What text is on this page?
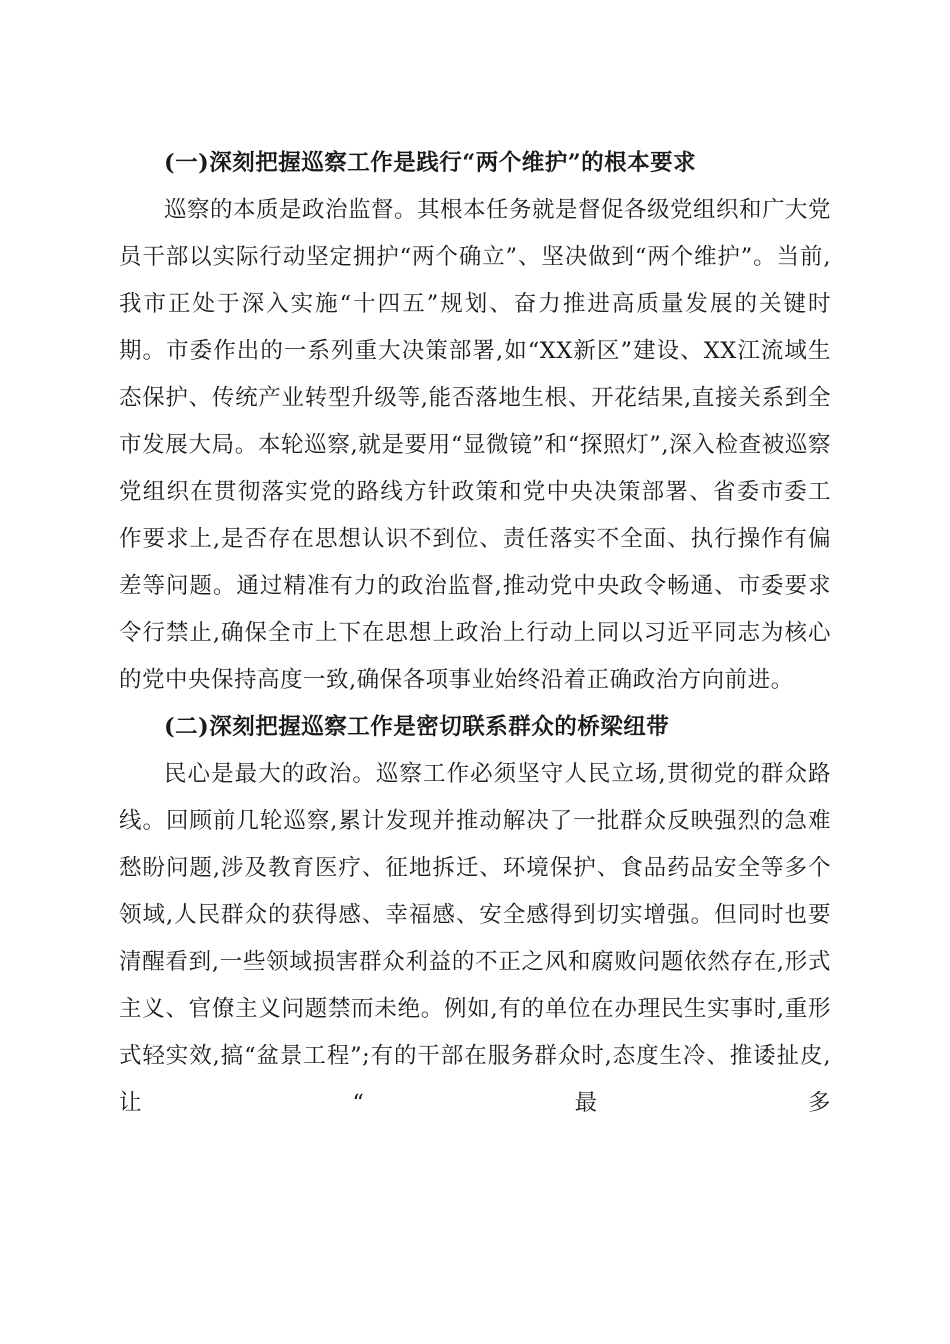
(一)深刻把握巡察工作是践行“两个维护”的根本要求

巡察的本质是政治监督。其根本任务就是督促各级党组织和广大党员干部以实际行动坚定拥护“两个确立”、坚决做到“两个维护”。当前,我市正处于深入实施“十四五”规划、奋力推进高质量发展的关键时期。市委作出的一系列重大决策部署,如“XX新区”建设、XX江流域生态保护、传统产业转型升级等,能否落地生根、开花结果,直接关系到全市发展大局。本轮巡察,就是要用“显微镜”和“探照灯”,深入检查被巡察党组织在贯彻落实党的路线方针政策和党中央决策部署、省委市委工作要求上,是否存在思想认识不到位、责任落实不全面、执行操作有偏差等问题。通过精准有力的政治监督,推动党中央政令畅通、市委要求令行禁止,确保全市上下在思想上政治上行动上同以习近平同志为核心的党中央保持高度一致,确保各项事业始终沿着正确政治方向前进。

(二)深刻把握巡察工作是密切联系群众的桥梁纽带

民心是最大的政治。巡察工作必须坚守人民立场,贯彻党的群众路线。回顾前几轮巡察,累计发现并推动解决了一批群众反映强烈的急难愁盼问题,涉及教育医疗、征地拆迁、环境保护、食品药品安全等多个领域,人民群众的获得感、幸福感、安全感得到切实增强。但同时也要清醒看到,一些领域损害群众利益的不正之风和腐败问题依然存在,形式主义、官僚主义问题禁而未绝。例如,有的单位在办理民生实事时,重形式轻实效,搞“盆景工程”;有的干部在服务群众时,态度生冷、推诿扯皮,让“最多
